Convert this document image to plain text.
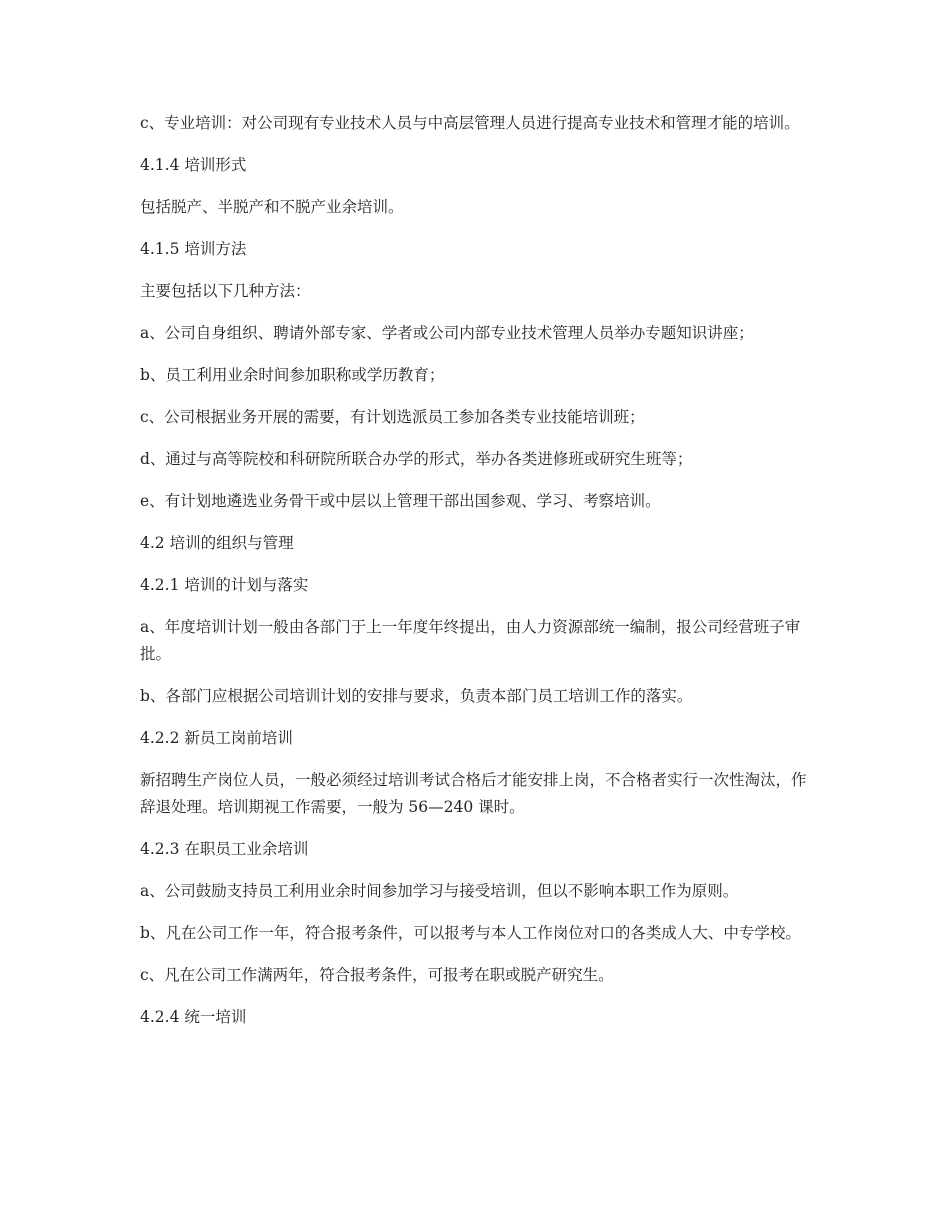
c、专业培训：对公司现有专业技术人员与中高层管理人员进行提高专业技术和管理才能的培训。

4.1.4 培训形式

包括脱产、半脱产和不脱产业余培训。

4.1.5 培训方法

主要包括以下几种方法：

a、公司自身组织、聘请外部专家、学者或公司内部专业技术管理人员举办专题知识讲座；

b、员工利用业余时间参加职称或学历教育；

c、公司根据业务开展的需要，有计划选派员工参加各类专业技能培训班；

d、通过与高等院校和科研院所联合办学的形式，举办各类进修班或研究生班等；

e、有计划地遴选业务骨干或中层以上管理干部出国参观、学习、考察培训。

4.2 培训的组织与管理

4.2.1 培训的计划与落实

a、年度培训计划一般由各部门于上一年度年终提出，由人力资源部统一编制，报公司经营班子审批。

b、各部门应根据公司培训计划的安排与要求，负责本部门员工培训工作的落实。

4.2.2 新员工岗前培训

新招聘生产岗位人员，一般必须经过培训考试合格后才能安排上岗，不合格者实行一次性淘汰，作辞退处理。培训期视工作需要，一般为 56—240 课时。

4.2.3 在职员工业余培训

a、公司鼓励支持员工利用业余时间参加学习与接受培训，但以不影响本职工作为原则。

b、凡在公司工作一年，符合报考条件，可以报考与本人工作岗位对口的各类成人大、中专学校。

c、凡在公司工作满两年，符合报考条件，可报考在职或脱产研究生。

4.2.4 统一培训
